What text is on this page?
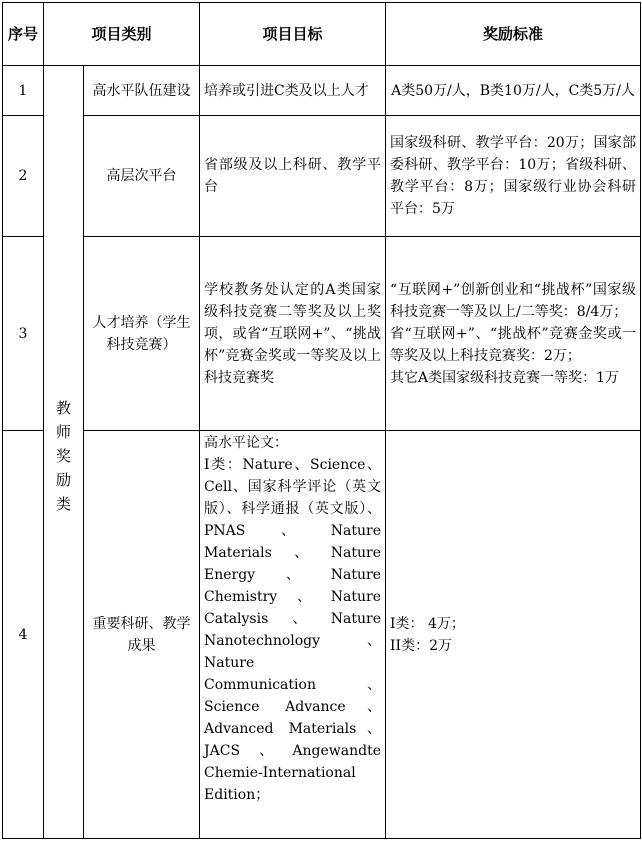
序号	项目类别		项目目标	奖励标准
1	教师奖励类	高水平队伍建设	培养或引进C类及以上人才	A类50万/人，B类10万/人，C类5万/人
2		高层次平台	省部级及以上科研、教学平台	国家级科研、教学平台：20万；国家部委科研、教学平台：10万；省级科研、教学平台：8万；国家级行业协会科研平台：5万
3		人才培养（学生科技竞赛）	学校教务处认定的A类国家级科技竞赛二等奖及以上奖项，或省“互联网+”、“挑战杯”竞赛金奖或一等奖及以上科技竞赛奖	“互联网+”创新创业和“挑战杯”国家级科技竞赛一等及以上/二等奖：8/4万；
省“互联网+”、“挑战杯”竞赛金奖或一等奖及以上科技竞赛奖：2万；
其它A类国家级科技竞赛一等奖：1万

4		重要科研、教学成果	高水平论文：
I类：Nature、Science、Cell、国家科学评论（英文版）、科学通报（英文版）、PNAS、Nature Materials、Nature Energy、Nature Chemistry、Nature Catalysis、Nature Nanotechnology、Nature Communication、Science Advance、Advanced Materials、JACS、Angewandte Chemie-International Edition；	I类： 4万；
II类：2万
